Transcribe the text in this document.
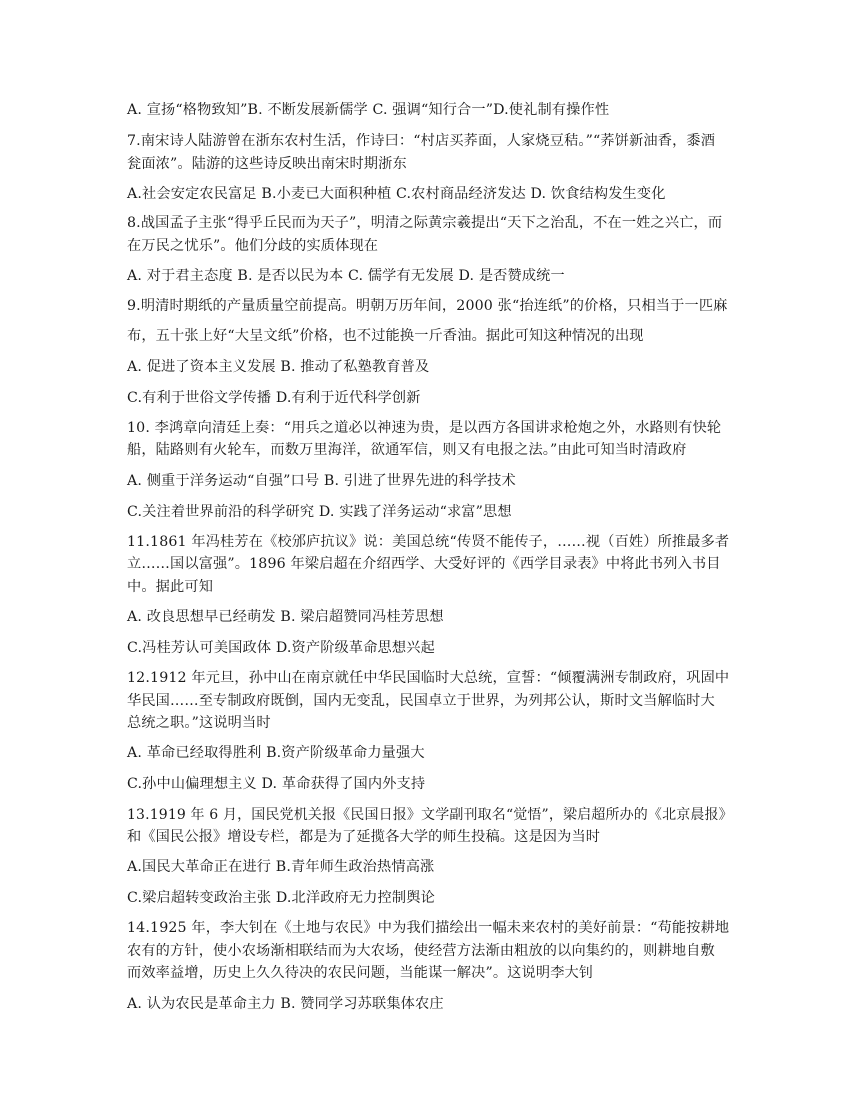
A. 宣扬“格物致知”B. 不断发展新儒学 C. 强调“知行合一”D.使礼制有操作性
7.南宋诗人陆游曾在浙东农村生活，作诗曰：“村店买荞面，人家烧豆秸。”“荞饼新油香，黍酒
瓮面浓”。陆游的这些诗反映出南宋时期浙东
A.社会安定农民富足 B.小麦已大面积种植 C.农村商品经济发达 D. 饮食结构发生变化
8.战国孟子主张“得乎丘民而为天子”，明清之际黄宗羲提出“天下之治乱，不在一姓之兴亡，而
在万民之忧乐”。他们分歧的实质体现在
A. 对于君主态度 B. 是否以民为本 C. 儒学有无发展 D. 是否赞成统一
9.明清时期纸的产量质量空前提高。明朝万历年间，2000 张“抬连纸”的价格，只相当于一匹麻
布，五十张上好“大呈文纸”价格，也不过能换一斤香油。据此可知这种情况的出现
A. 促进了资本主义发展 B. 推动了私塾教育普及
C.有利于世俗文学传播 D.有利于近代科学创新
10. 李鸿章向清廷上奏：“用兵之道必以神速为贵，是以西方各国讲求枪炮之外，水路则有快轮
船，陆路则有火轮车，而数万里海洋，欲通军信，则又有电报之法。”由此可知当时清政府
A. 侧重于洋务运动“自强”口号 B. 引进了世界先进的科学技术
C.关注着世界前沿的科学研究 D. 实践了洋务运动“求富”思想
11.1861 年冯桂芳在《校邠庐抗议》说：美国总统“传贤不能传子，……视（百姓）所推最多者
立……国以富强”。1896 年梁启超在介绍西学、大受好评的《西学目录表》中将此书列入书目
中。据此可知
A. 改良思想早已经萌发 B. 梁启超赞同冯桂芳思想
C.冯桂芳认可美国政体 D.资产阶级革命思想兴起
12.1912 年元旦，孙中山在南京就任中华民国临时大总统，宣誓：“倾覆满洲专制政府，巩固中
华民国……至专制政府既倒，国内无变乱，民国卓立于世界，为列邦公认，斯时文当解临时大
总统之职。”这说明当时
A. 革命已经取得胜利 B.资产阶级革命力量强大
C.孙中山偏理想主义 D. 革命获得了国内外支持
13.1919 年 6 月，国民党机关报《民国日报》文学副刊取名“觉悟”，梁启超所办的《北京晨报》
和《国民公报》增设专栏，都是为了延揽各大学的师生投稿。这是因为当时
A.国民大革命正在进行 B.青年师生政治热情高涨
C.梁启超转变政治主张 D.北洋政府无力控制舆论
14.1925 年，李大钊在《土地与农民》中为我们描绘出一幅未来农村的美好前景：“苟能按耕地
农有的方针，使小农场渐相联结而为大农场，使经营方法渐由粗放的以向集约的，则耕地自敷
而效率益增，历史上久久待决的农民问题，当能谋一解决”。这说明李大钊
A. 认为农民是革命主力 B. 赞同学习苏联集体农庄
